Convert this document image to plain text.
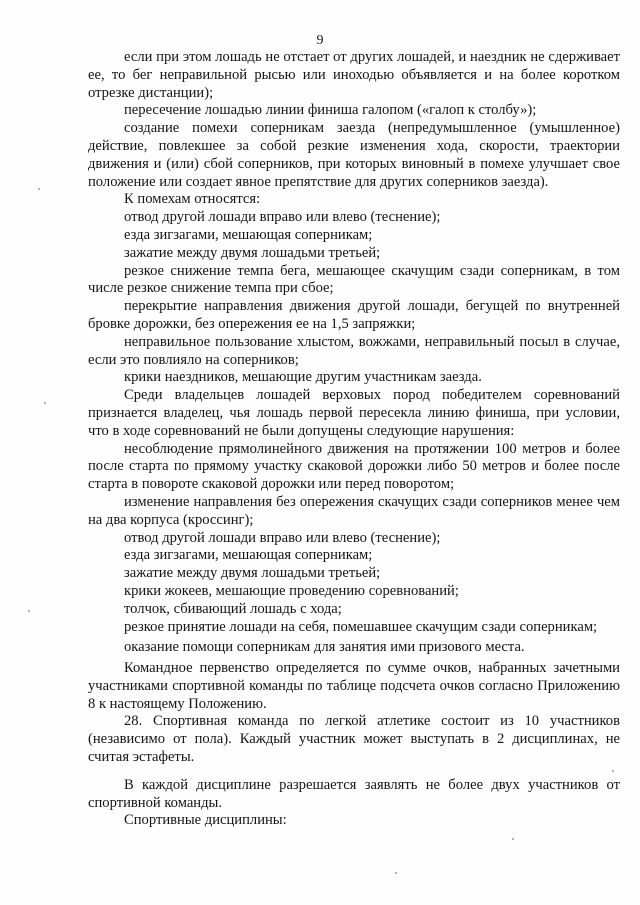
9

если при этом лошадь не отстает от других лошадей, и наездник не сдерживает ее, то бег неправильной рысью или иноходью объявляется и на более коротком отрезке дистанции);

пересечение лошадью линии финиша галопом («галоп к столбу»);

создание помехи соперникам заезда (непредумышленное (умышленное) действие, повлекшее за собой резкие изменения хода, скорости, траектории движения и (или) сбой соперников, при которых виновный в помехе улучшает свое положение или создает явное препятствие для других соперников заезда).

К помехам относятся:

отвод другой лошади вправо или влево (теснение);

езда зигзагами, мешающая соперникам;

зажатие между двумя лошадьми третьей;

резкое снижение темпа бега, мешающее скачущим сзади соперникам, в том числе резкое снижение темпа при сбое;

перекрытие направления движения другой лошади, бегущей по внутренней бровке дорожки, без опережения ее на 1,5 запряжки;

неправильное пользование хлыстом, вожжами, неправильный посыл в случае, если это повлияло на соперников;

крики наездников, мешающие другим участникам заезда.

Среди владельцев лошадей верховых пород победителем соревнований признается владелец, чья лошадь первой пересекла линию финиша, при условии, что в ходе соревнований не были допущены следующие нарушения:

несоблюдение прямолинейного движения на протяжении 100 метров и более после старта по прямому участку скаковой дорожки либо 50 метров и более после старта в повороте скаковой дорожки или перед поворотом;

изменение направления без опережения скачущих сзади соперников менее чем на два корпуса (кроссинг);

отвод другой лошади вправо или влево (теснение);

езда зигзагами, мешающая соперникам;

зажатие между двумя лошадьми третьей;

крики жокеев, мешающие проведению соревнований;

толчок, сбивающий лошадь с хода;

резкое принятие лошади на себя, помешавшее скачущим сзади соперникам;

оказание помощи соперникам для занятия ими призового места.

Командное первенство определяется по сумме очков, набранных зачетными участниками спортивной команды по таблице подсчета очков согласно Приложению 8 к настоящему Положению.

28. Спортивная команда по легкой атлетике состоит из 10 участников (независимо от пола). Каждый участник может выступать в 2 дисциплинах, не считая эстафеты.

В каждой дисциплине разрешается заявлять не более двух участников от спортивной команды.

Спортивные дисциплины:
